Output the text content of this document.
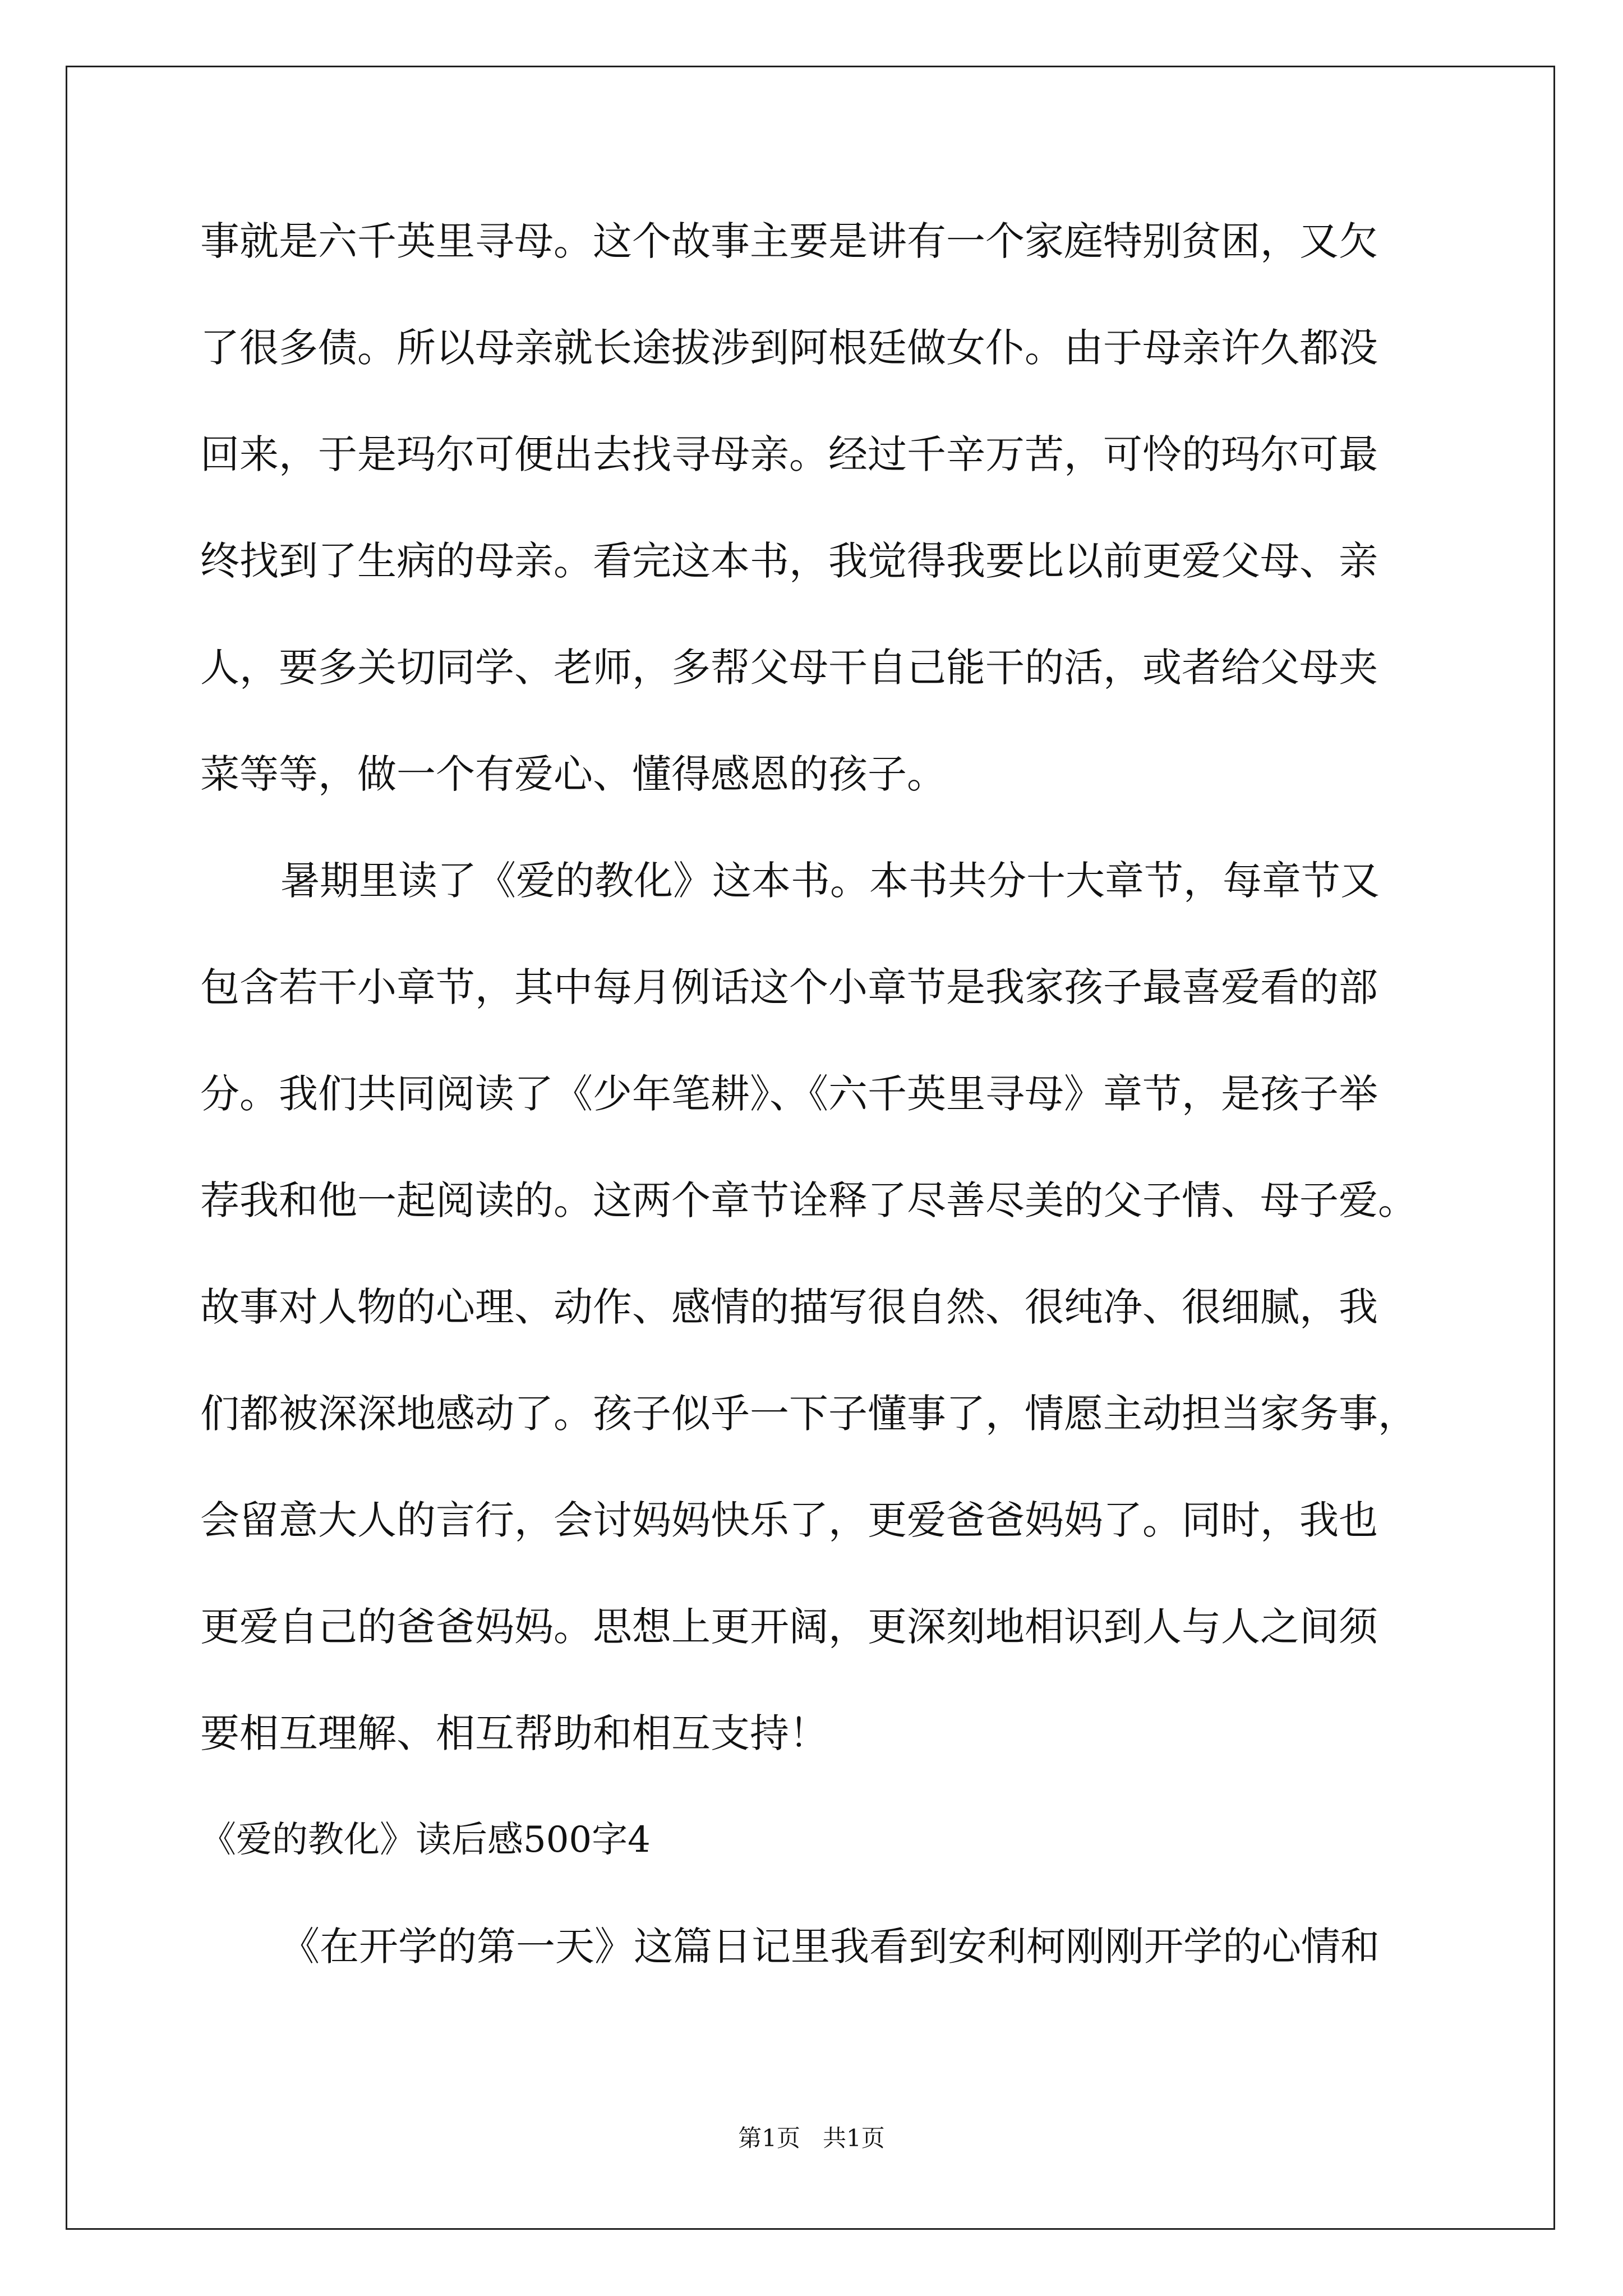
事就是六千英里寻母。这个故事主要是讲有一个家庭特别贫困，又欠
了很多债。所以母亲就长途拔涉到阿根廷做女仆。由于母亲许久都没
回来，于是玛尔可便出去找寻母亲。经过千辛万苦，可怜的玛尔可最
终找到了生病的母亲。看完这本书，我觉得我要比以前更爱父母、亲
人，要多关切同学、老师，多帮父母干自己能干的活，或者给父母夹
菜等等，做一个有爱心、懂得感恩的孩子。
暑期里读了《爱的教化》这本书。本书共分十大章节，每章节又
包含若干小章节，其中每月例话这个小章节是我家孩子最喜爱看的部
分。我们共同阅读了《少年笔耕》、《六千英里寻母》章节，是孩子举
荐我和他一起阅读的。这两个章节诠释了尽善尽美的父子情、母子爱。
故事对人物的心理、动作、感情的描写很自然、很纯净、很细腻，我
们都被深深地感动了。孩子似乎一下子懂事了，情愿主动担当家务事，
会留意大人的言行，会讨妈妈快乐了，更爱爸爸妈妈了。同时，我也
更爱自己的爸爸妈妈。思想上更开阔，更深刻地相识到人与人之间须
要相互理解、相互帮助和相互支持！
《爱的教化》读后感500字4
《在开学的第一天》这篇日记里我看到安利柯刚刚开学的心情和
第1页   共1页
